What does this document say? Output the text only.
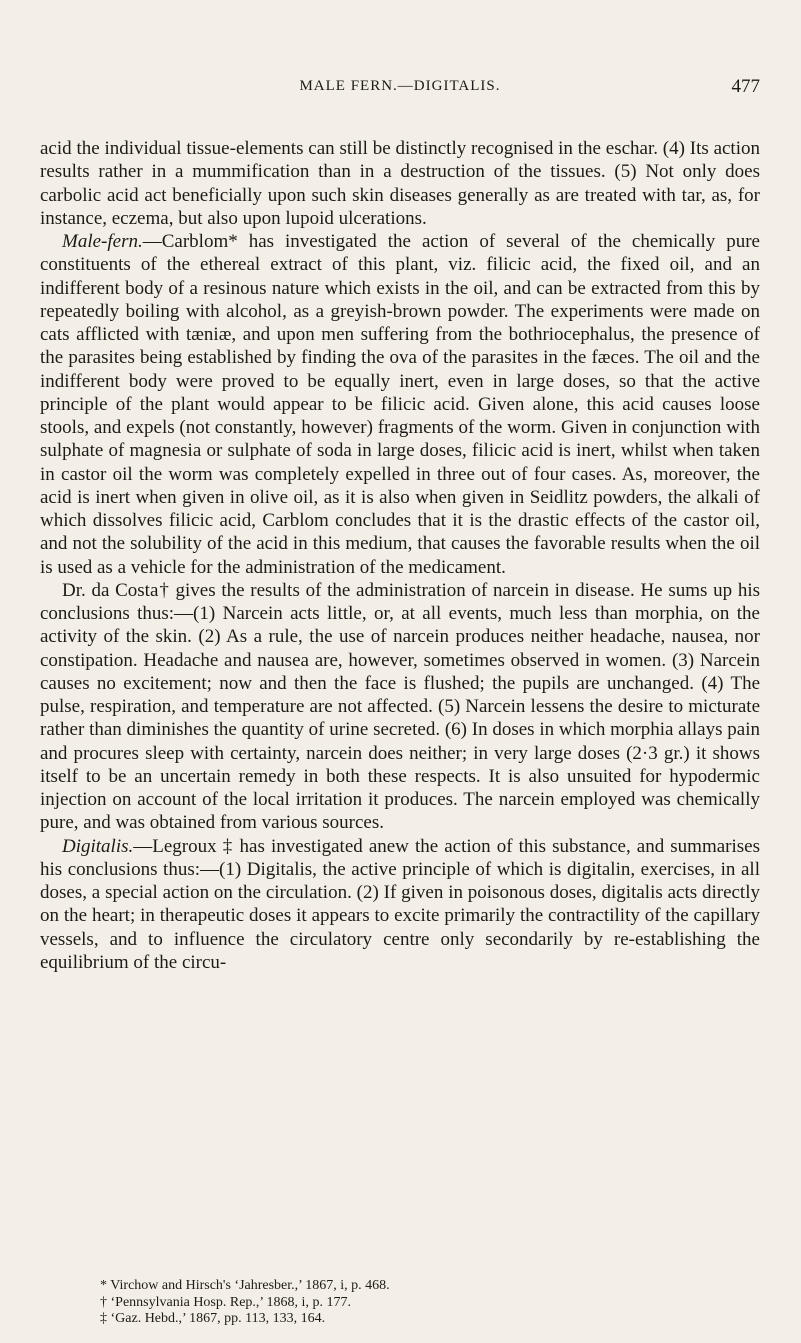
MALE FERN.—DIGITALIS.	477

acid the individual tissue-elements can still be distinctly recognised in the eschar. (4) Its action results rather in a mummification than in a destruction of the tissues. (5) Not only does carbolic acid act beneficially upon such skin diseases generally as are treated with tar, as, for instance, eczema, but also upon lupoid ulcerations.

Male-fern.—Carblom* has investigated the action of several of the chemically pure constituents of the ethereal extract of this plant, viz. filicic acid, the fixed oil, and an indifferent body of a resinous nature which exists in the oil, and can be extracted from this by repeatedly boiling with alcohol, as a greyish-brown powder. The experiments were made on cats afflicted with tæniæ, and upon men suffering from the bothriocephalus, the presence of the parasites being established by finding the ova of the parasites in the fæces. The oil and the indifferent body were proved to be equally inert, even in large doses, so that the active principle of the plant would appear to be filicic acid. Given alone, this acid causes loose stools, and expels (not constantly, however) fragments of the worm. Given in conjunction with sulphate of magnesia or sulphate of soda in large doses, filicic acid is inert, whilst when taken in castor oil the worm was completely expelled in three out of four cases. As, moreover, the acid is inert when given in olive oil, as it is also when given in Seidlitz powders, the alkali of which dissolves filicic acid, Carblom concludes that it is the drastic effects of the castor oil, and not the solubility of the acid in this medium, that causes the favorable results when the oil is used as a vehicle for the administration of the medicament.

Dr. da Costa† gives the results of the administration of narcein in disease. He sums up his conclusions thus:—(1) Narcein acts little, or, at all events, much less than morphia, on the activity of the skin. (2) As a rule, the use of narcein produces neither headache, nausea, nor constipation. Headache and nausea are, however, sometimes observed in women. (3) Narcein causes no excitement; now and then the face is flushed; the pupils are unchanged. (4) The pulse, respiration, and temperature are not affected. (5) Narcein lessens the desire to micturate rather than diminishes the quantity of urine secreted. (6) In doses in which morphia allays pain and procures sleep with certainty, narcein does neither; in very large doses (2·3 gr.) it shows itself to be an uncertain remedy in both these respects. It is also unsuited for hypodermic injection on account of the local irritation it produces. The narcein employed was chemically pure, and was obtained from various sources.

Digitalis.—Legroux ‡ has investigated anew the action of this substance, and summarises his conclusions thus:—(1) Digitalis, the active principle of which is digitalin, exercises, in all doses, a special action on the circulation. (2) If given in poisonous doses, digitalis acts directly on the heart; in therapeutic doses it appears to excite primarily the contractility of the capillary vessels, and to influence the circulatory centre only secondarily by re-establishing the equilibrium of the circu-

* Virchow and Hirsch's ‘Jahresber.,’ 1867, i, p. 468.
† ‘Pennsylvania Hosp. Rep.,’ 1868, i, p. 177.
‡ ‘Gaz. Hebd.,’ 1867, pp. 113, 133, 164.
